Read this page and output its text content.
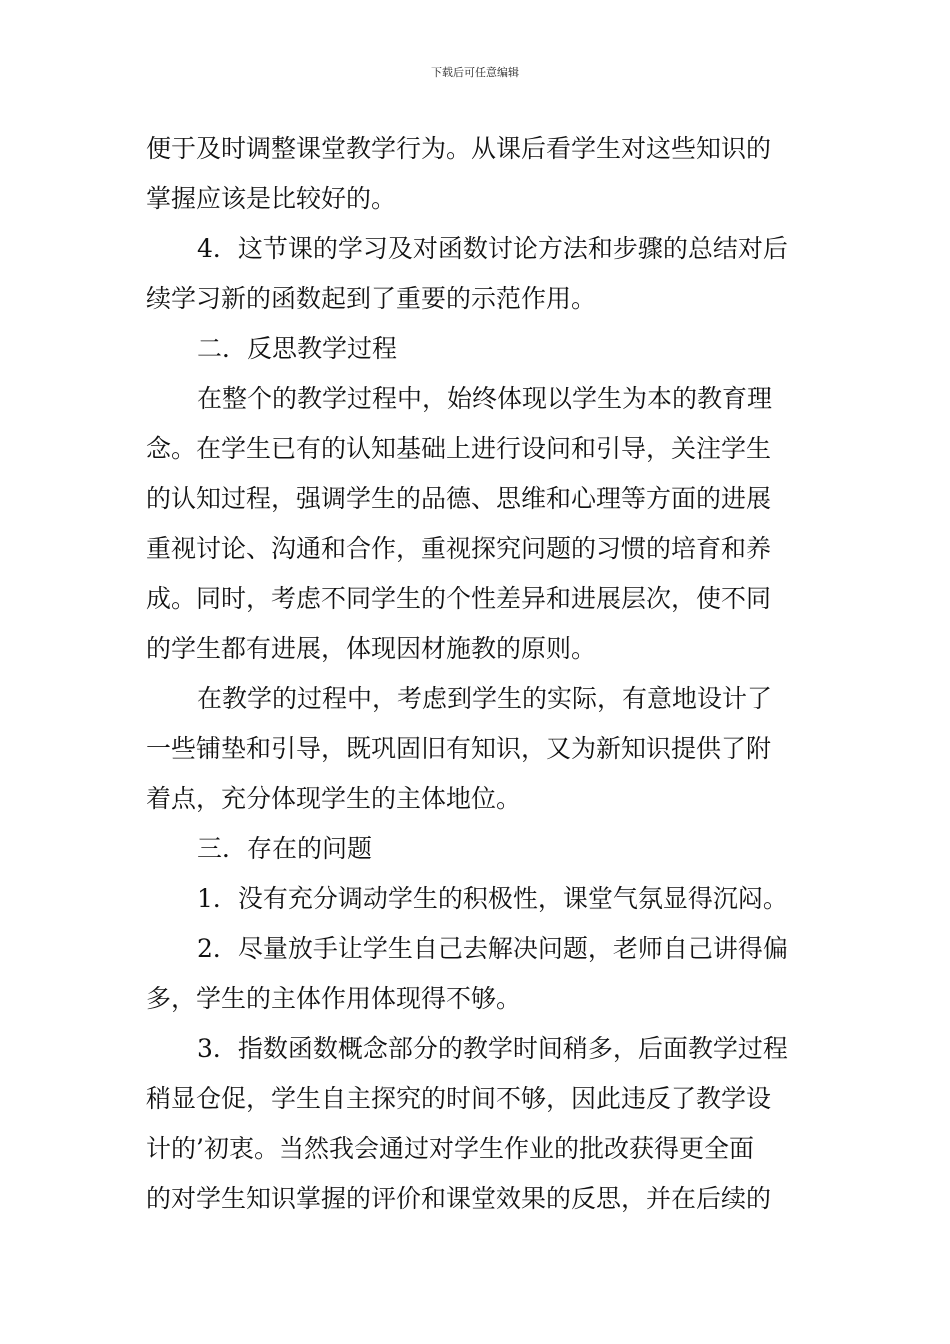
下载后可任意编辑
便于及时调整课堂教学行为。从课后看学生对这些知识的
掌握应该是比较好的。
4．这节课的学习及对函数讨论方法和步骤的总结对后
续学习新的函数起到了重要的示范作用。
二．反思教学过程
在整个的教学过程中，始终体现以学生为本的教育理
念。在学生已有的认知基础上进行设问和引导，关注学生
的认知过程，强调学生的品德、思维和心理等方面的进展
重视讨论、沟通和合作，重视探究问题的习惯的培育和养
成。同时，考虑不同学生的个性差异和进展层次，使不同
的学生都有进展，体现因材施教的原则。
在教学的过程中，考虑到学生的实际，有意地设计了
一些铺垫和引导，既巩固旧有知识，又为新知识提供了附
着点，充分体现学生的主体地位。
三．存在的问题
1．没有充分调动学生的积极性，课堂气氛显得沉闷。
2．尽量放手让学生自己去解决问题，老师自己讲得偏
多，学生的主体作用体现得不够。
3．指数函数概念部分的教学时间稍多，后面教学过程
稍显仓促，学生自主探究的时间不够，因此违反了教学设
计的’初衷。当然我会通过对学生作业的批改获得更全面
的对学生知识掌握的评价和课堂效果的反思，并在后续的
